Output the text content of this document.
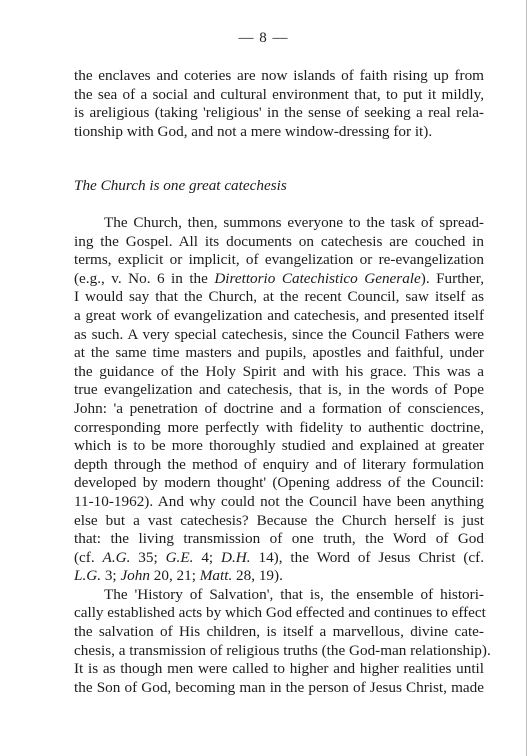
— 8 —
the enclaves and coteries are now islands of faith rising up from
the sea of a social and cultural environment that, to put it mildly,
is areligious (taking 'religious' in the sense of seeking a real rela-
tionship with God, and not a mere window-dressing for it).
The Church is one great catechesis
The Church, then, summons everyone to the task of spread-
ing the Gospel. All its documents on catechesis are couched in
terms, explicit or implicit, of evangelization or re-evangelization
(e.g., v. No. 6 in the Direttorio Catechistico Generale). Further,
I would say that the Church, at the recent Council, saw itself as
a great work of evangelization and catechesis, and presented itself
as such. A very special catechesis, since the Council Fathers were
at the same time masters and pupils, apostles and faithful, under
the guidance of the Holy Spirit and with his grace. This was a
true evangelization and catechesis, that is, in the words of Pope
John: 'a penetration of doctrine and a formation of consciences,
corresponding more perfectly with fidelity to authentic doctrine,
which is to be more thoroughly studied and explained at greater
depth through the method of enquiry and of literary formulation
developed by modern thought' (Opening address of the Council:
11-10-1962). And why could not the Council have been anything
else but a vast catechesis? Because the Church herself is just
that: the living transmission of one truth, the Word of God
(cf. A.G. 35; G.E. 4; D.H. 14), the Word of Jesus Christ (cf.
L.G. 3; John 20, 21; Matt. 28, 19).
The 'History of Salvation', that is, the ensemble of histori-
cally established acts by which God effected and continues to effect
the salvation of His children, is itself a marvellous, divine cate-
chesis, a transmission of religious truths (the God-man relationship).
It is as though men were called to higher and higher realities until
the Son of God, becoming man in the person of Jesus Christ, made
